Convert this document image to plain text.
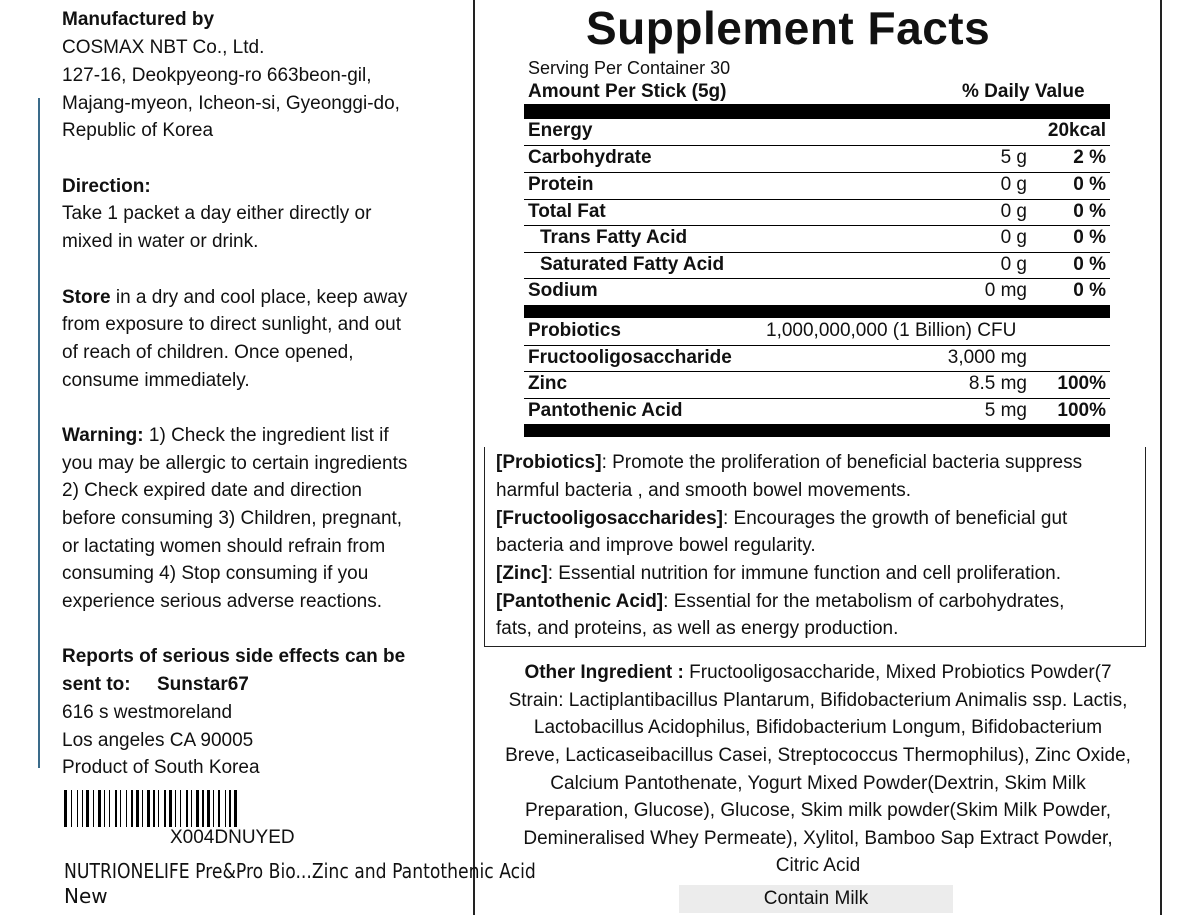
Manufactured by
COSMAX NBT Co., Ltd.
127-16, Deokpyeong-ro 663beon-gil,
Majang-myeon, Icheon-si, Gyeonggi-do,
Republic of Korea
Direction:
Take 1 packet a day either directly or
mixed in water or drink.
Store in a dry and cool place, keep away
from exposure to direct sunlight, and out
of reach of children. Once opened,
consume immediately.
Warning: 1) Check the ingredient list if
you may be allergic to certain ingredients
2) Check expired date and direction
before consuming 3) Children, pregnant,
or lactating women should refrain from
consuming 4) Stop consuming if you
experience serious adverse reactions.
Reports of serious side effects can be
sent to:     Sunstar67
616 s westmoreland
Los angeles CA 90005
Product of South Korea
X004DNUYED
NUTRIONELIFE Pre&Pro Bio...Zinc and Pantothenic Acid
New
Supplement Facts
Serving Per Container 30
Amount Per Stick (5g)	% Daily Value
Energy	20kcal
Carbohydrate	5 g 2 %
Protein	0 g 0 %
Total Fat	0 g 0 %
Trans Fatty Acid	0 g 0 %
Saturated Fatty Acid	0 g 0 %
Sodium	0 mg 0 %
Probiotics	1,000,000,000 (1 Billion) CFU
Fructooligosaccharide	3,000 mg
Zinc	8.5 mg 100%
Pantothenic Acid	5 mg 100%
[Probiotics]: Promote the proliferation of beneficial bacteria suppress
harmful bacteria , and smooth bowel movements.
[Fructooligosaccharides]: Encourages the growth of beneficial gut
bacteria and improve bowel regularity.
[Zinc]: Essential nutrition for immune function and cell proliferation.
[Pantothenic Acid]: Essential for the metabolism of carbohydrates,
fats, and proteins, as well as energy production.
Other Ingredient : Fructooligosaccharide, Mixed Probiotics Powder(7
Strain: Lactiplantibacillus Plantarum, Bifidobacterium Animalis ssp. Lactis,
Lactobacillus Acidophilus, Bifidobacterium Longum, Bifidobacterium
Breve, Lacticaseibacillus Casei, Streptococcus Thermophilus), Zinc Oxide,
Calcium Pantothenate, Yogurt Mixed Powder(Dextrin, Skim Milk
Preparation, Glucose), Glucose, Skim milk powder(Skim Milk Powder,
Demineralised Whey Permeate), Xylitol, Bamboo Sap Extract Powder,
Citric Acid
Contain Milk
